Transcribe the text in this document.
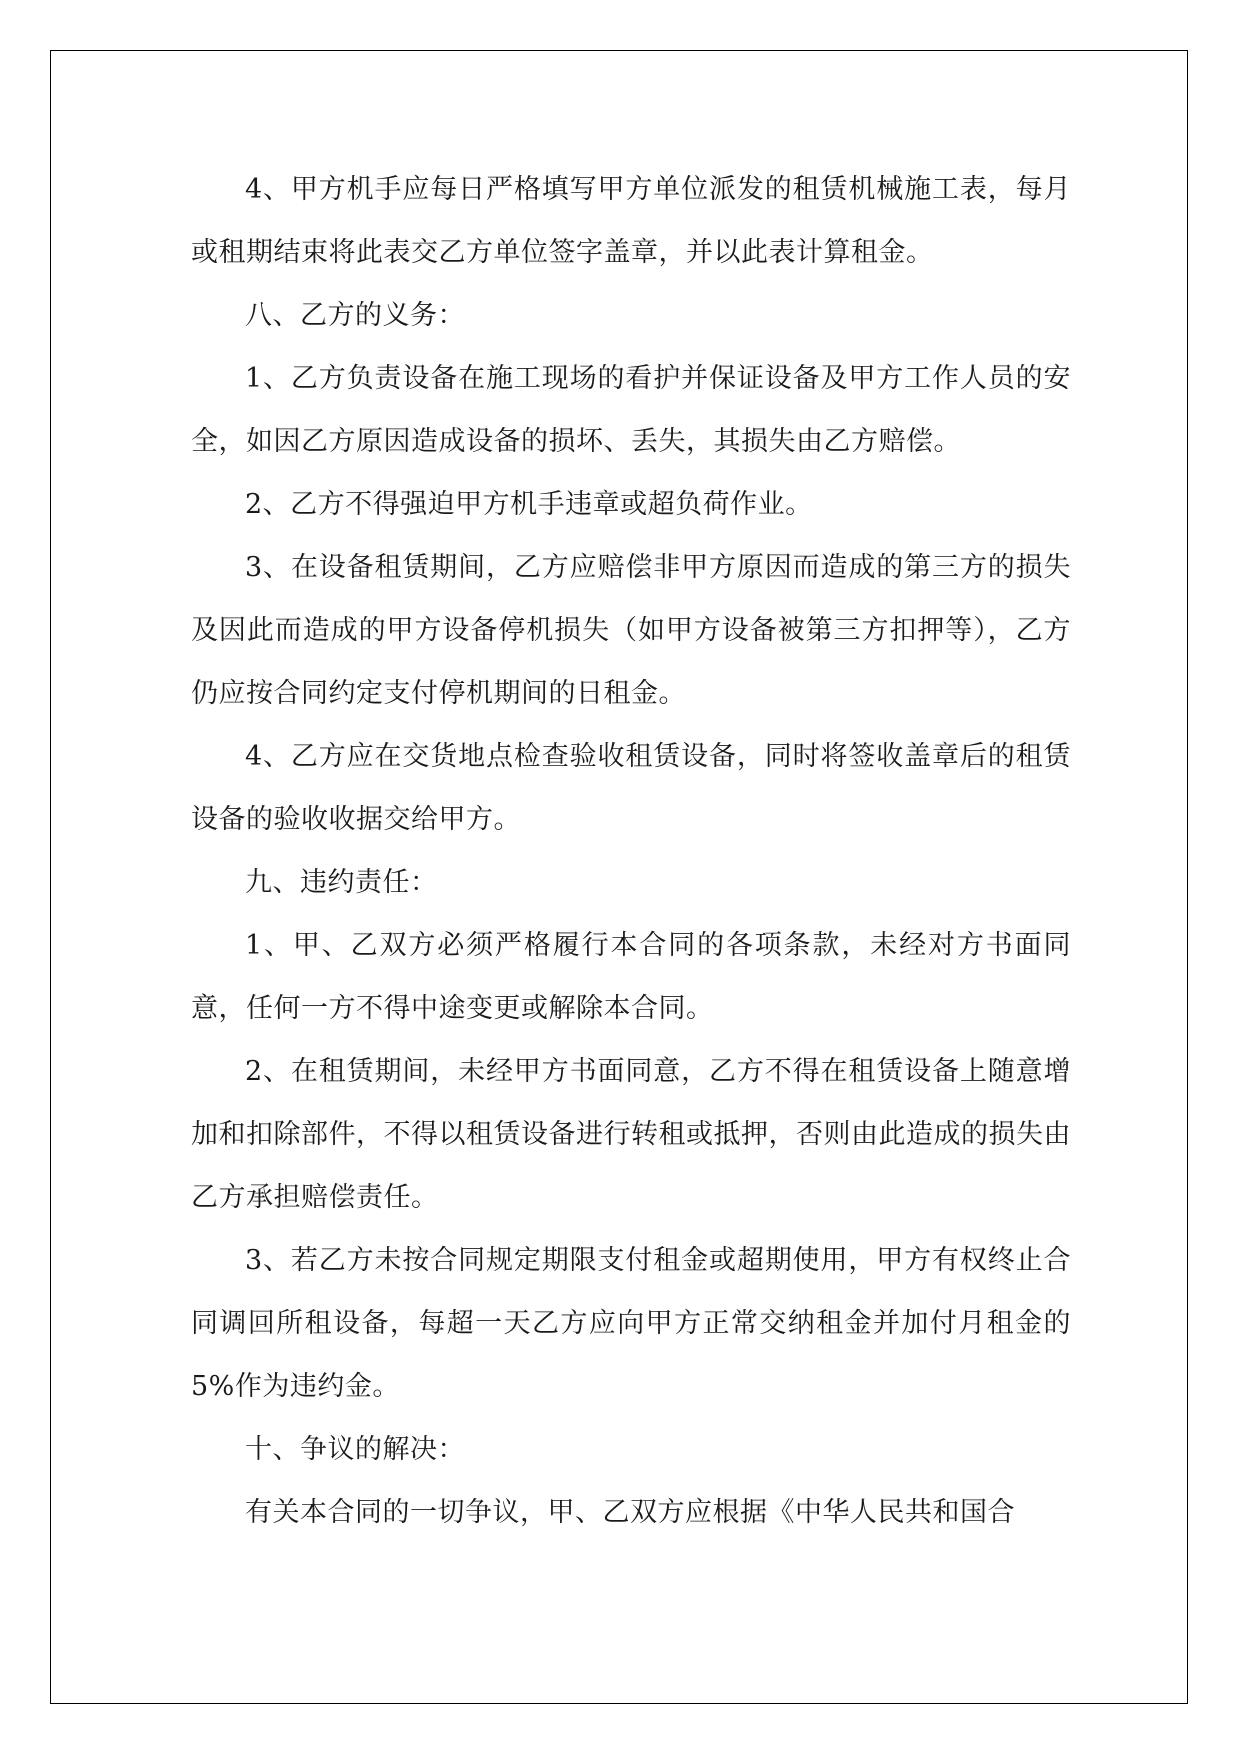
4、甲方机手应每日严格填写甲方单位派发的租赁机械施工表，每月或租期结束将此表交乙方单位签字盖章，并以此表计算租金。

八、乙方的义务：

1、乙方负责设备在施工现场的看护并保证设备及甲方工作人员的安全，如因乙方原因造成设备的损坏、丢失，其损失由乙方赔偿。

2、乙方不得强迫甲方机手违章或超负荷作业。

3、在设备租赁期间，乙方应赔偿非甲方原因而造成的第三方的损失及因此而造成的甲方设备停机损失（如甲方设备被第三方扣押等），乙方仍应按合同约定支付停机期间的日租金。

4、乙方应在交货地点检查验收租赁设备，同时将签收盖章后的租赁设备的验收收据交给甲方。

九、违约责任：

1、甲、乙双方必须严格履行本合同的各项条款，未经对方书面同意，任何一方不得中途变更或解除本合同。

2、在租赁期间，未经甲方书面同意，乙方不得在租赁设备上随意增加和扣除部件，不得以租赁设备进行转租或抵押，否则由此造成的损失由乙方承担赔偿责任。

3、若乙方未按合同规定期限支付租金或超期使用，甲方有权终止合同调回所租设备，每超一天乙方应向甲方正常交纳租金并加付月租金的5%作为违约金。

十、争议的解决：

有关本合同的一切争议，甲、乙双方应根据《中华人民共和国合
